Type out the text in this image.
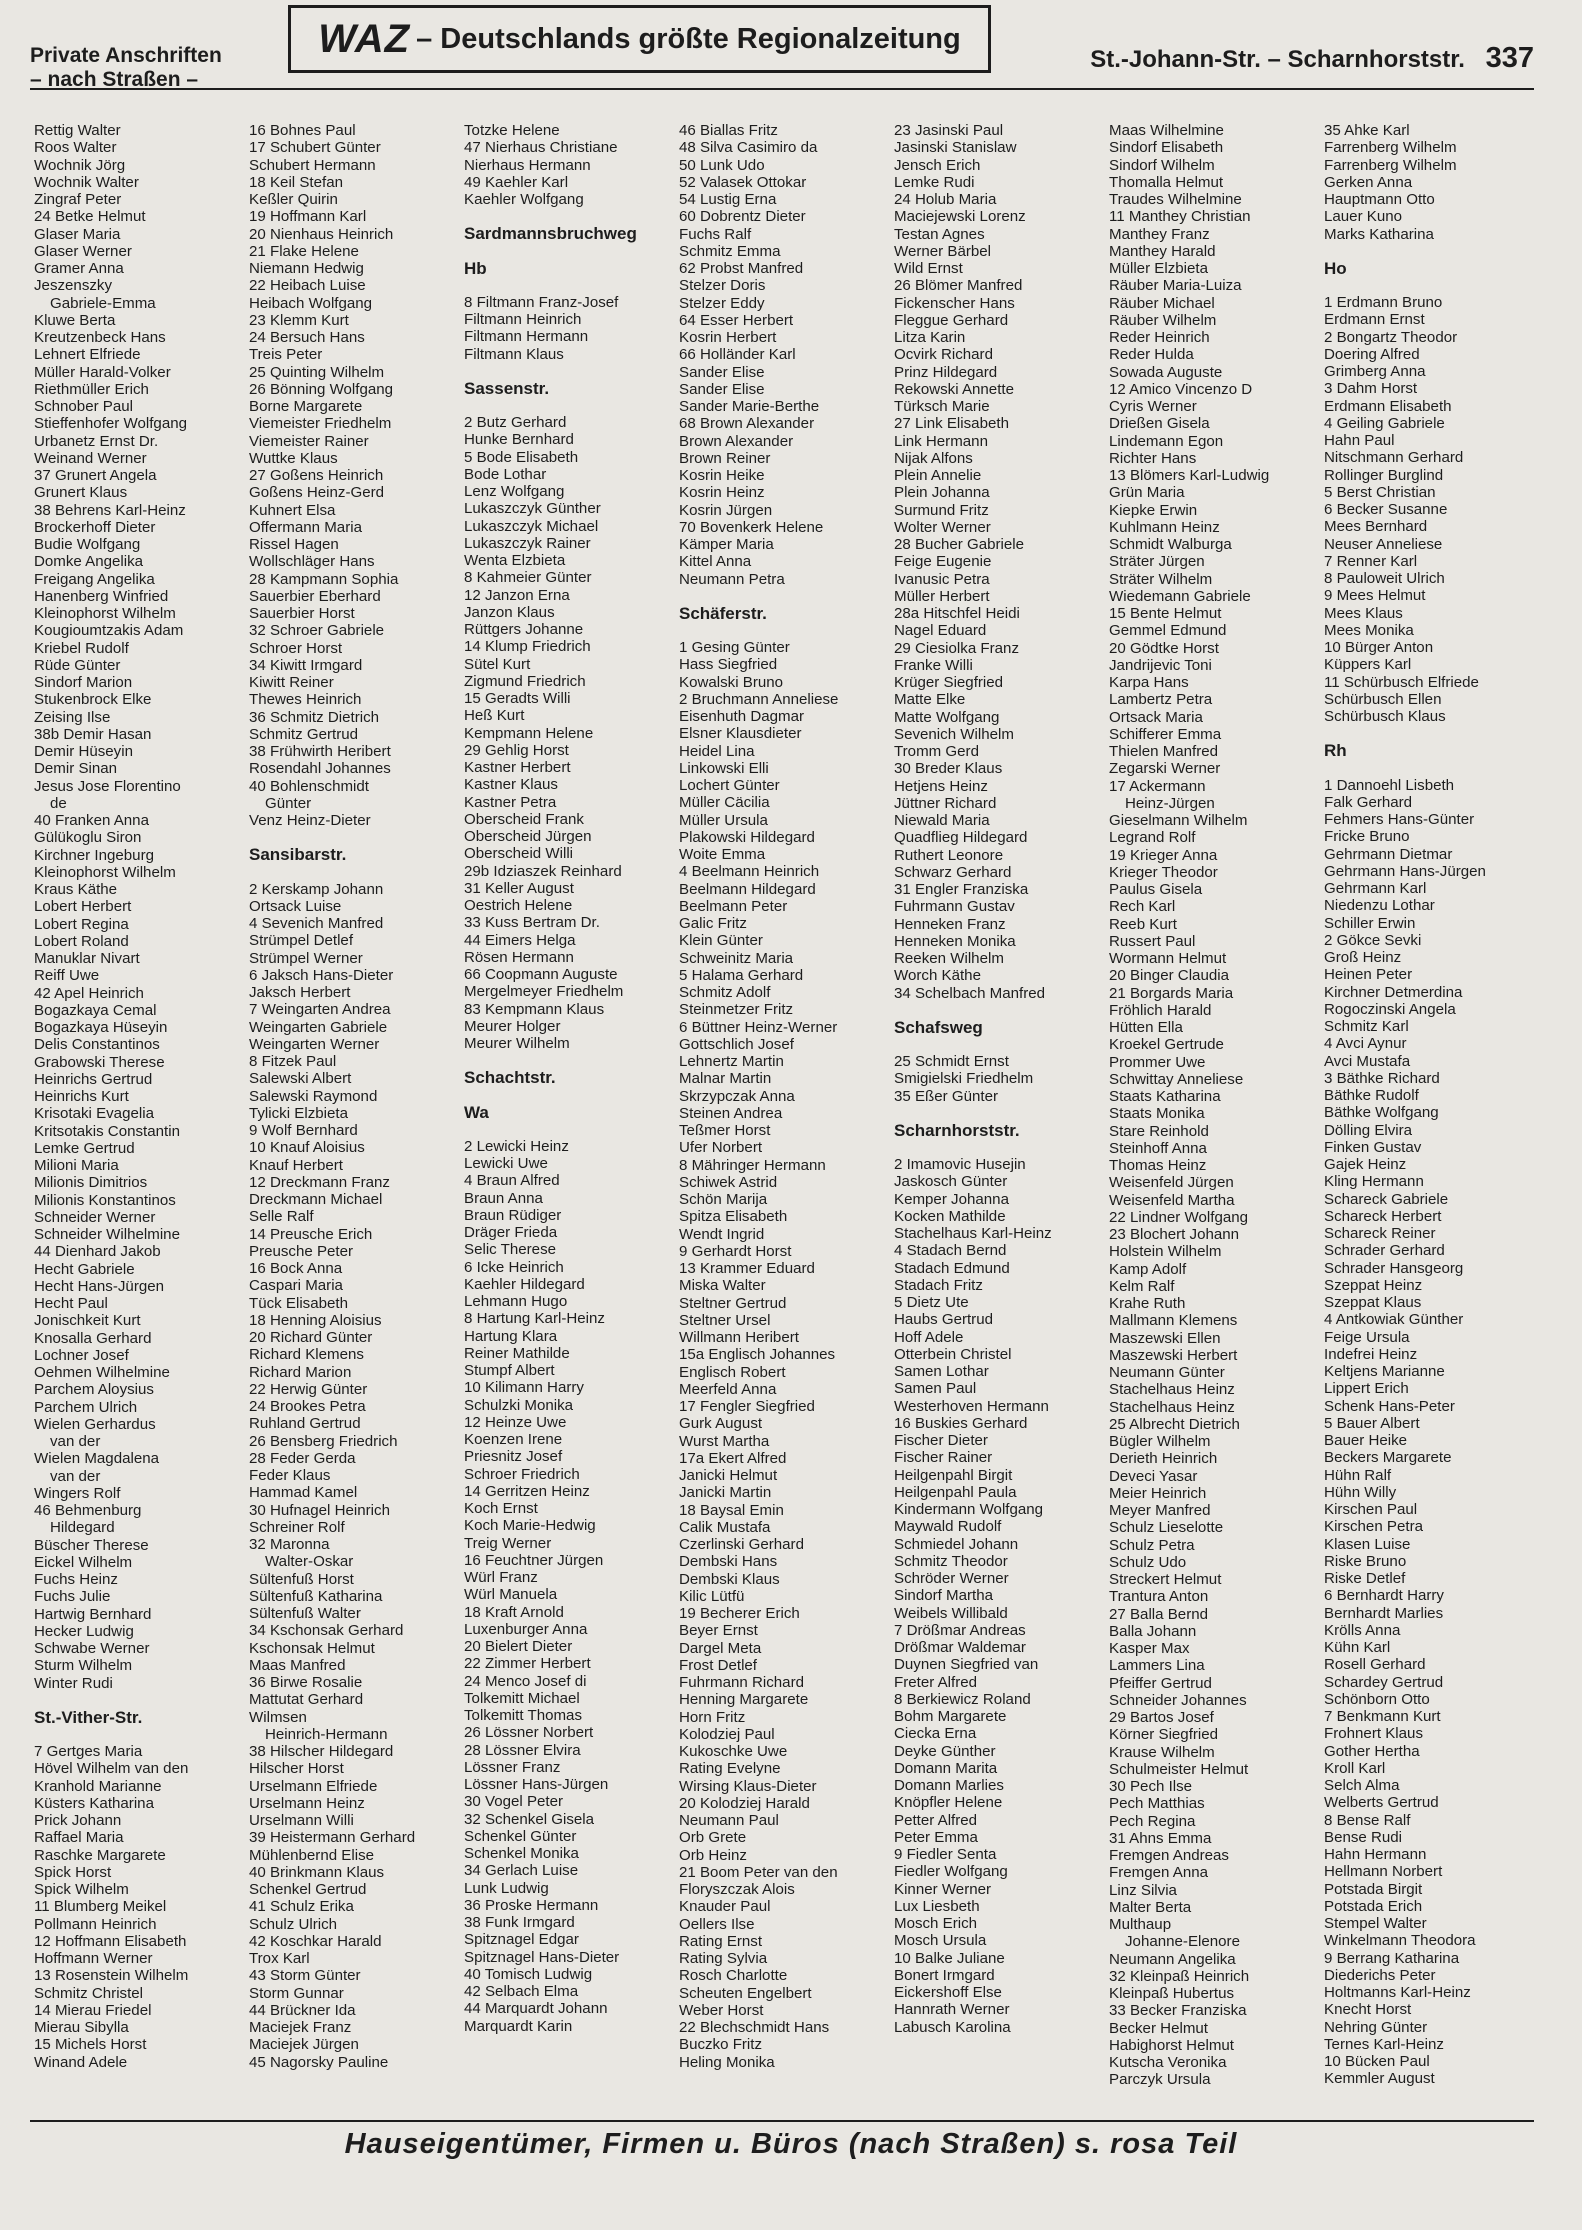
Private Anschriften
– nach Straßen –
WAZ – Deutschlands größte Regionalzeitung
St.-Johann-Str. – Scharnhorststr. 337
Rettig Walter
Roos Walter
Wochnik Jörg
Wochnik Walter
Zingraf Peter
24 Betke Helmut
Glaser Maria
Glaser Werner
Gramer Anna
Jeszenszky
Gabriele-Emma
Kluwe Berta
Kreutzenbeck Hans
Lehnert Elfriede
Müller Harald-Volker
Riethmüller Erich
Schnober Paul
Stieffenhofer Wolfgang
Urbanetz Ernst Dr.
Weinand Werner
37 Grunert Angela
Grunert Klaus
38 Behrens Karl-Heinz
Brockerhoff Dieter
Budie Wolfgang
Domke Angelika
Freigang Angelika
Hanenberg Winfried
Kleinophorst Wilhelm
Kougioumtzakis Adam
Kriebel Rudolf
Rüde Günter
Sindorf Marion
Stukenbrock Elke
Zeising Ilse
38b Demir Hasan
Demir Hüseyin
Demir Sinan
Jesus Jose Florentino
de
40 Franken Anna
Gülükoglu Siron
Kirchner Ingeburg
Kleinophorst Wilhelm
Kraus Käthe
Lobert Herbert
Lobert Regina
Lobert Roland
Manuklar Nivart
Reiff Uwe
42 Apel Heinrich
Bogazkaya Cemal
Bogazkaya Hüseyin
Delis Constantinos
Grabowski Therese
Heinrichs Gertrud
Heinrichs Kurt
Krisotaki Evagelia
Kritsotakis Constantin
Lemke Gertrud
Milioni Maria
Milionis Dimitrios
Milionis Konstantinos
Schneider Werner
Schneider Wilhelmine
44 Dienhard Jakob
Hecht Gabriele
Hecht Hans-Jürgen
Hecht Paul
Jonischkeit Kurt
Knosalla Gerhard
Lochner Josef
Oehmen Wilhelmine
Parchem Aloysius
Parchem Ulrich
Wielen Gerhardus
van der
Wielen Magdalena
van der
Wingers Rolf
46 Behmenburg
Hildegard
Büscher Therese
Eickel Wilhelm
Fuchs Heinz
Fuchs Julie
Hartwig Bernhard
Hecker Ludwig
Schwabe Werner
Sturm Wilhelm
Winter Rudi
St.-Vither-Str.
7 Gertges Maria
Hövel Wilhelm van den
Kranhold Marianne
Küsters Katharina
Prick Johann
Raffael Maria
Raschke Margarete
Spick Horst
Spick Wilhelm
11 Blumberg Meikel
Pollmann Heinrich
12 Hoffmann Elisabeth
Hoffmann Werner
13 Rosenstein Wilhelm
Schmitz Christel
14 Mierau Friedel
Mierau Sibylla
15 Michels Horst
Winand Adele
16 Bohnes Paul
17 Schubert Günter
Schubert Hermann
18 Keil Stefan
Keßler Quirin
19 Hoffmann Karl
20 Nienhaus Heinrich
21 Flake Helene
Niemann Hedwig
22 Heibach Luise
Heibach Wolfgang
23 Klemm Kurt
24 Bersuch Hans
Treis Peter
25 Quinting Wilhelm
26 Bönning Wolfgang
Borne Margarete
Viemeister Friedhelm
Viemeister Rainer
Wuttke Klaus
27 Goßens Heinrich
Goßens Heinz-Gerd
Kuhnert Elsa
Offermann Maria
Rissel Hagen
Wollschläger Hans
28 Kampmann Sophia
Sauerbier Eberhard
Sauerbier Horst
32 Schroer Gabriele
Schroer Horst
34 Kiwitt Irmgard
Kiwitt Reiner
Thewes Heinrich
36 Schmitz Dietrich
Schmitz Gertrud
38 Frühwirth Heribert
Rosendahl Johannes
40 Bohlenschmidt
Günter
Venz Heinz-Dieter
Sansibarstr.
2 Kerskamp Johann
Ortsack Luise
4 Sevenich Manfred
Strümpel Detlef
Strümpel Werner
6 Jaksch Hans-Dieter
Jaksch Herbert
7 Weingarten Andrea
Weingarten Gabriele
Weingarten Werner
8 Fitzek Paul
Salewski Albert
Salewski Raymond
Tylicki Elzbieta
9 Wolf Bernhard
10 Knauf Aloisius
Knauf Herbert
12 Dreckmann Franz
Dreckmann Michael
Selle Ralf
14 Preusche Erich
Preusche Peter
16 Bock Anna
Caspari Maria
Tück Elisabeth
18 Henning Aloisius
20 Richard Günter
Richard Klemens
Richard Marion
22 Herwig Günter
24 Brookes Petra
Ruhland Gertrud
26 Bensberg Friedrich
28 Feder Gerda
Feder Klaus
Hammad Kamel
30 Hufnagel Heinrich
Schreiner Rolf
32 Maronna
Walter-Oskar
Sültenfuß Horst
Sültenfuß Katharina
Sültenfuß Walter
34 Kschonsak Gerhard
Kschonsak Helmut
Maas Manfred
36 Birwe Rosalie
Mattutat Gerhard
Wilmsen
Heinrich-Hermann
38 Hilscher Hildegard
Hilscher Horst
Urselmann Elfriede
Urselmann Heinz
Urselmann Willi
39 Heistermann Gerhard
Mühlenbernd Elise
40 Brinkmann Klaus
Schenkel Gertrud
41 Schulz Erika
Schulz Ulrich
42 Koschkar Harald
Trox Karl
43 Storm Günter
Storm Gunnar
44 Brückner Ida
Maciejek Franz
Maciejek Jürgen
45 Nagorsky Pauline
Totzke Helene
47 Nierhaus Christiane
Nierhaus Hermann
49 Kaehler Karl
Kaehler Wolfgang
Sardmannsbruchweg
Hb
8 Filtmann Franz-Josef
Filtmann Heinrich
Filtmann Hermann
Filtmann Klaus
Sassenstr.
2 Butz Gerhard
Hunke Bernhard
5 Bode Elisabeth
Bode Lothar
Lenz Wolfgang
Lukaszczyk Günther
Lukaszczyk Michael
Lukaszczyk Rainer
Wenta Elzbieta
8 Kahmeier Günter
12 Janzon Erna
Janzon Klaus
Rüttgers Johanne
14 Klump Friedrich
Sütel Kurt
Zigmund Friedrich
15 Geradts Willi
Heß Kurt
Kempmann Helene
29 Gehlig Horst
Kastner Herbert
Kastner Klaus
Kastner Petra
Oberscheid Frank
Oberscheid Jürgen
Oberscheid Willi
29b Idziaszek Reinhard
31 Keller August
Oestrich Helene
33 Kuss Bertram Dr.
44 Eimers Helga
Rösen Hermann
66 Coopmann Auguste
Mergelmeyer Friedhelm
83 Kempmann Klaus
Meurer Holger
Meurer Wilhelm
Schachtstr.
Wa
2 Lewicki Heinz
Lewicki Uwe
4 Braun Alfred
Braun Anna
Braun Rüdiger
Dräger Frieda
Selic Therese
6 Icke Heinrich
Kaehler Hildegard
Lehmann Hugo
8 Hartung Karl-Heinz
Hartung Klara
Reiner Mathilde
Stumpf Albert
10 Kilimann Harry
Schulzki Monika
12 Heinze Uwe
Koenzen Irene
Priesnitz Josef
Schroer Friedrich
14 Gerritzen Heinz
Koch Ernst
Koch Marie-Hedwig
Treig Werner
16 Feuchtner Jürgen
Würl Franz
Würl Manuela
18 Kraft Arnold
Luxenburger Anna
20 Bielert Dieter
22 Zimmer Herbert
24 Menco Josef di
Tolkemitt Michael
Tolkemitt Thomas
26 Lössner Norbert
28 Lössner Elvira
Lössner Franz
Lössner Hans-Jürgen
30 Vogel Peter
32 Schenkel Gisela
Schenkel Günter
Schenkel Monika
34 Gerlach Luise
Lunk Ludwig
36 Proske Hermann
38 Funk Irmgard
Spitznagel Edgar
Spitznagel Hans-Dieter
40 Tomisch Ludwig
42 Selbach Elma
44 Marquardt Johann
Marquardt Karin
46 Biallas Fritz
48 Silva Casimiro da
50 Lunk Udo
52 Valasek Ottokar
54 Lustig Erna
60 Dobrentz Dieter
Fuchs Ralf
Schmitz Emma
62 Probst Manfred
Stelzer Doris
Stelzer Eddy
64 Esser Herbert
Kosrin Herbert
66 Holländer Karl
Sander Elise
Sander Elise
Sander Marie-Berthe
68 Brown Alexander
Brown Alexander
Brown Reiner
Kosrin Heike
Kosrin Heinz
Kosrin Jürgen
70 Bovenkerk Helene
Kämper Maria
Kittel Anna
Neumann Petra
Schäferstr.
1 Gesing Günter
Hass Siegfried
Kowalski Bruno
2 Bruchmann Anneliese
Eisenhuth Dagmar
Elsner Klausdieter
Heidel Lina
Linkowski Elli
Lochert Günter
Müller Cäcilia
Müller Ursula
Plakowski Hildegard
Woite Emma
4 Beelmann Heinrich
Beelmann Hildegard
Beelmann Peter
Galic Fritz
Klein Günter
Schweinitz Maria
5 Halama Gerhard
Schmitz Adolf
Steinmetzer Fritz
6 Büttner Heinz-Werner
Gottschlich Josef
Lehnertz Martin
Malnar Martin
Skrzypczak Anna
Steinen Andrea
Teßmer Horst
Ufer Norbert
8 Mähringer Hermann
Schiwek Astrid
Schön Marija
Spitza Elisabeth
Wendt Ingrid
9 Gerhardt Horst
13 Krammer Eduard
Miska Walter
Steltner Gertrud
Steltner Ursel
Willmann Heribert
15a Englisch Johannes
Englisch Robert
Meerfeld Anna
17 Fengler Siegfried
Gurk August
Wurst Martha
17a Ekert Alfred
Janicki Helmut
Janicki Martin
18 Baysal Emin
Calik Mustafa
Czerlinski Gerhard
Dembski Hans
Dembski Klaus
Kilic Lütfü
19 Becherer Erich
Beyer Ernst
Dargel Meta
Frost Detlef
Fuhrmann Richard
Henning Margarete
Horn Fritz
Kolodziej Paul
Kukoschke Uwe
Rating Evelyne
Wirsing Klaus-Dieter
20 Kolodziej Harald
Neumann Paul
Orb Grete
Orb Heinz
21 Boom Peter van den
Floryszczak Alois
Knauder Paul
Oellers Ilse
Rating Ernst
Rating Sylvia
Rosch Charlotte
Scheuten Engelbert
Weber Horst
22 Blechschmidt Hans
Buczko Fritz
Heling Monika
23 Jasinski Paul
Jasinski Stanislaw
Jensch Erich
Lemke Rudi
24 Holub Maria
Maciejewski Lorenz
Testan Agnes
Werner Bärbel
Wild Ernst
26 Blömer Manfred
Fickenscher Hans
Fleggue Gerhard
Litza Karin
Ocvirk Richard
Prinz Hildegard
Rekowski Annette
Türksch Marie
27 Link Elisabeth
Link Hermann
Nijak Alfons
Plein Annelie
Plein Johanna
Surmund Fritz
Wolter Werner
28 Bucher Gabriele
Feige Eugenie
Ivanusic Petra
Müller Herbert
28a Hitschfel Heidi
Nagel Eduard
29 Ciesiolka Franz
Franke Willi
Krüger Siegfried
Matte Elke
Matte Wolfgang
Sevenich Wilhelm
Tromm Gerd
30 Breder Klaus
Hetjens Heinz
Jüttner Richard
Niewald Maria
Quadflieg Hildegard
Ruthert Leonore
Schwarz Gerhard
31 Engler Franziska
Fuhrmann Gustav
Henneken Franz
Henneken Monika
Reeken Wilhelm
Worch Käthe
34 Schelbach Manfred
Schafsweg
25 Schmidt Ernst
Smigielski Friedhelm
35 Eßer Günter
Scharnhorststr.
2 Imamovic Husejin
Jaskosch Günter
Kemper Johanna
Kocken Mathilde
Stachelhaus Karl-Heinz
4 Stadach Bernd
Stadach Edmund
Stadach Fritz
5 Dietz Ute
Haubs Gertrud
Hoff Adele
Otterbein Christel
Samen Lothar
Samen Paul
Westerhoven Hermann
16 Buskies Gerhard
Fischer Dieter
Fischer Rainer
Heilgenpahl Birgit
Heilgenpahl Paula
Kindermann Wolfgang
Maywald Rudolf
Schmiedel Johann
Schmitz Theodor
Schröder Werner
Sindorf Martha
Weibels Willibald
7 Drößmar Andreas
Drößmar Waldemar
Duynen Siegfried van
Freter Alfred
8 Berkiewicz Roland
Bohm Margarete
Ciecka Erna
Deyke Günther
Domann Marita
Domann Marlies
Knöpfler Helene
Petter Alfred
Peter Emma
9 Fiedler Senta
Fiedler Wolfgang
Kinner Werner
Lux Liesbeth
Mosch Erich
Mosch Ursula
10 Balke Juliane
Bonert Irmgard
Eickershoff Else
Hannrath Werner
Labusch Karolina
Maas Wilhelmine
Sindorf Elisabeth
Sindorf Wilhelm
Thomalla Helmut
Traudes Wilhelmine
11 Manthey Christian
Manthey Franz
Manthey Harald
Müller Elzbieta
Räuber Maria-Luiza
Räuber Michael
Räuber Wilhelm
Reder Heinrich
Reder Hulda
Sowada Auguste
12 Amico Vincenzo D
Cyris Werner
Drießen Gisela
Lindemann Egon
Richter Hans
13 Blömers Karl-Ludwig
Grün Maria
Kiepke Erwin
Kuhlmann Heinz
Schmidt Walburga
Sträter Jürgen
Sträter Wilhelm
Wiedemann Gabriele
15 Bente Helmut
Gemmel Edmund
20 Gödtke Horst
Jandrijevic Toni
Karpa Hans
Lambertz Petra
Ortsack Maria
Schifferer Emma
Thielen Manfred
Zegarski Werner
17 Ackermann
Heinz-Jürgen
Gieselmann Wilhelm
Legrand Rolf
19 Krieger Anna
Krieger Theodor
Paulus Gisela
Rech Karl
Reeb Kurt
Russert Paul
Wormann Helmut
20 Binger Claudia
21 Borgards Maria
Fröhlich Harald
Hütten Ella
Kroekel Gertrude
Prommer Uwe
Schwittay Anneliese
Staats Katharina
Staats Monika
Stare Reinhold
Steinhoff Anna
Thomas Heinz
Weisenfeld Jürgen
Weisenfeld Martha
22 Lindner Wolfgang
23 Blochert Johann
Holstein Wilhelm
Kamp Adolf
Kelm Ralf
Krahe Ruth
Mallmann Klemens
Maszewski Ellen
Maszewski Herbert
Neumann Günter
Stachelhaus Heinz
Stachelhaus Heinz
25 Albrecht Dietrich
Bügler Wilhelm
Derieth Heinrich
Deveci Yasar
Meier Heinrich
Meyer Manfred
Schulz Lieselotte
Schulz Petra
Schulz Udo
Streckert Helmut
Trantura Anton
27 Balla Bernd
Balla Johann
Kasper Max
Lammers Lina
Pfeiffer Gertrud
Schneider Johannes
29 Bartos Josef
Körner Siegfried
Krause Wilhelm
Schulmeister Helmut
30 Pech Ilse
Pech Matthias
Pech Regina
31 Ahns Emma
Fremgen Andreas
Fremgen Anna
Linz Silvia
Malter Berta
Multhaup
Johanne-Elenore
Neumann Angelika
32 Kleinpaß Heinrich
Kleinpaß Hubertus
33 Becker Franziska
Becker Helmut
Habighorst Helmut
Kutscha Veronika
Parczyk Ursula
35 Ahke Karl
Farrenberg Wilhelm
Farrenberg Wilhelm
Gerken Anna
Hauptmann Otto
Lauer Kuno
Marks Katharina
Ho
1 Erdmann Bruno
Erdmann Ernst
2 Bongartz Theodor
Doering Alfred
Grimberg Anna
3 Dahm Horst
Erdmann Elisabeth
4 Geiling Gabriele
Hahn Paul
Nitschmann Gerhard
Rollinger Burglind
5 Berst Christian
6 Becker Susanne
Mees Bernhard
Neuser Anneliese
7 Renner Karl
8 Pauloweit Ulrich
9 Mees Helmut
Mees Klaus
Mees Monika
10 Bürger Anton
Küppers Karl
11 Schürbusch Elfriede
Schürbusch Ellen
Schürbusch Klaus
Rh
1 Dannoehl Lisbeth
Falk Gerhard
Fehmers Hans-Günter
Fricke Bruno
Gehrmann Dietmar
Gehrmann Hans-Jürgen
Gehrmann Karl
Niedenzu Lothar
Schiller Erwin
2 Gökce Sevki
Groß Heinz
Heinen Peter
Kirchner Detmerdina
Rogoczinski Angela
Schmitz Karl
4 Avci Aynur
Avci Mustafa
3 Bäthke Richard
Bäthke Rudolf
Bäthke Wolfgang
Dölling Elvira
Finken Gustav
Gajek Heinz
Kling Hermann
Schareck Gabriele
Schareck Herbert
Schareck Reiner
Schrader Gerhard
Schrader Hansgeorg
Szeppat Heinz
Szeppat Klaus
4 Antkowiak Günther
Feige Ursula
Indefrei Heinz
Keltjens Marianne
Lippert Erich
Schenk Hans-Peter
5 Bauer Albert
Bauer Heike
Beckers Margarete
Hühn Ralf
Hühn Willy
Kirschen Paul
Kirschen Petra
Klasen Luise
Riske Bruno
Riske Detlef
6 Bernhardt Harry
Bernhardt Marlies
Krölls Anna
Kühn Karl
Rosell Gerhard
Schardey Gertrud
Schönborn Otto
7 Benkmann Kurt
Frohnert Klaus
Gother Hertha
Kroll Karl
Selch Alma
Welberts Gertrud
8 Bense Ralf
Bense Rudi
Hahn Hermann
Hellmann Norbert
Potstada Birgit
Potstada Erich
Stempel Walter
Winkelmann Theodora
9 Berrang Katharina
Diederichs Peter
Holtmanns Karl-Heinz
Knecht Horst
Nehring Günter
Ternes Karl-Heinz
10 Bücken Paul
Kemmler August
Hauseigentümer, Firmen u. Büros (nach Straßen) s. rosa Teil
